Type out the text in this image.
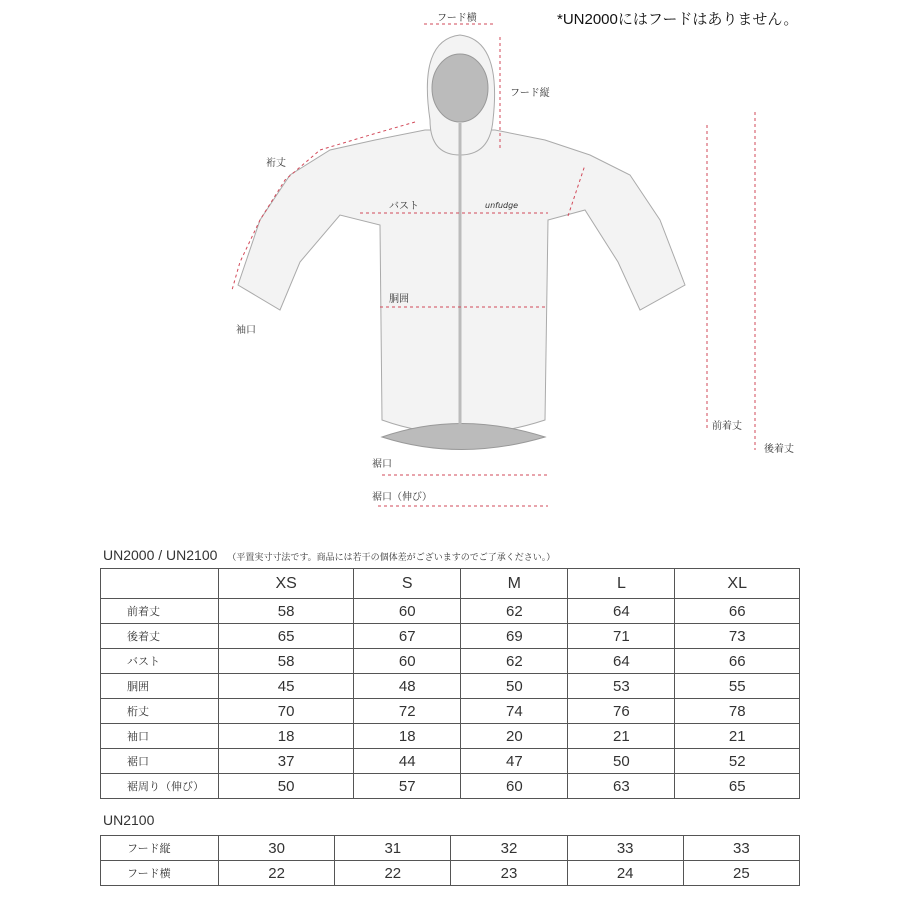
unfudge
*UN2000にはフードはありません。
フード横
フード縦
裄丈
バスト
胴囲
袖口
前着丈
後着丈
裾口
裾口（伸び）
UN2000 / UN2100 （平置実寸寸法です。商品には若干の個体差がございますのでご了承ください。）
	XS	S	M	L	XL
前着丈	58	60	62	64	66
後着丈	65	67	69	71	73
バスト	58	60	62	64	66
胴囲	45	48	50	53	55
桁丈	70	72	74	76	78
袖口	18	18	20	21	21
裾口	37	44	47	50	52
裾周り（伸び）	50	57	60	63	65
UN2100
フード縦	30	31	32	33	33
フード横	22	22	23	24	25
